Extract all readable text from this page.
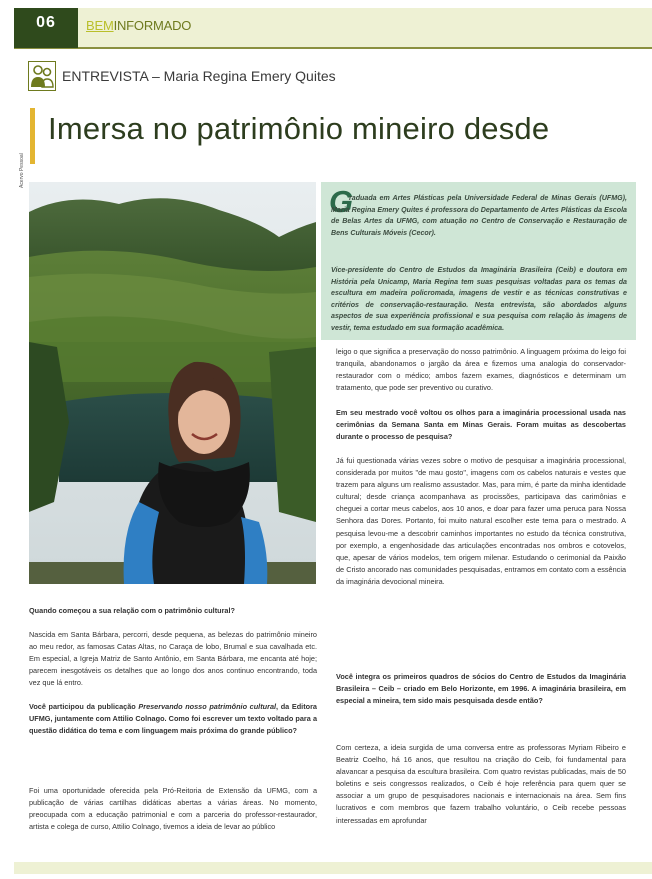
06	BEMINFORMADO
ENTREVISTA – Maria Regina Emery Quites
Imersa no patrimônio mineiro desde
Acervo Pessoal
G
raduada em Artes Plásticas pela Universidade Federal de Minas Gerais (UFMG), Maria Regina Emery Quites é professora do Departamento de Artes Plásticas da Escola de Belas Artes da UFMG, com atuação no Centro de Conservação e Restauração de Bens Culturais Móveis (Cecor).
Vice-presidente do Centro de Estudos da Imaginária Brasileira (Ceib) e doutora em História pela Unicamp, Maria Regina tem suas pesquisas voltadas para os temas da escultura em madeira policromada, imagens de vestir e as técnicas construtivas e critérios de conservação-restauração. Nesta entrevista, são abordados alguns aspectos de sua experiência profissional e sua pesquisa com relação às imagens de vestir, tema estudado em sua formação acadêmica.
Quando começou a sua relação com o patrimônio cultural?
Nascida em Santa Bárbara, percorri, desde pequena, as belezas do patrimônio mineiro ao meu redor, as famosas Catas Altas, no Caraça de lobo, Brumal e sua cavalhada etc. Em especial, a Igreja Matriz de Santo Antônio, em Santa Bárbara, me encanta até hoje; parecem inesgotáveis os detalhes que ao longo dos anos continuo encontrando, toda vez que lá entro.
Você participou da publicação Preservando nosso patrimônio cultural, da Editora UFMG, juntamente com Attilio Colnago. Como foi escrever um texto voltado para a questão didática do tema e com linguagem mais próxima do grande público?
Foi uma oportunidade oferecida pela Pró-Reitoria de Extensão da UFMG, com a publicação de várias cartilhas didáticas abertas a várias áreas. No momento, preocupada com a educação patrimonial e com a parceria do professor-restaurador, artista e colega de curso, Attilio Colnago, tivemos a ideia de levar ao público
leigo o que significa a preservação do nosso patrimônio. A linguagem próxima do leigo foi tranquila, abandonamos o jargão da área e fizemos uma analogia do conservador-restaurador com o médico; ambos fazem exames, diagnósticos e determinam um tratamento, que pode ser preventivo ou curativo.
Em seu mestrado você voltou os olhos para a imaginária processional usada nas cerimônias da Semana Santa em Minas Gerais. Foram muitas as descobertas durante o processo de pesquisa?
Já fui questionada várias vezes sobre o motivo de pesquisar a imaginária processional, considerada por muitos "de mau gosto", imagens com os cabelos naturais e vestes que trazem para alguns um realismo assustador. Mas, para mim, é parte da minha identidade cultural; desde criança acompanhava as procissões, participava das carimônias e cheguei a cortar meus cabelos, aos 10 anos, e doar para fazer uma peruca para Nossa Senhora das Dores. Portanto, foi muito natural escolher este tema para o mestrado. A pesquisa levou-me a descobrir caminhos importantes no estudo da técnica construtiva, por exemplo, a engenhosidade das articulações encontradas nos ombros e cotovelos, que, apesar de vários modelos, tem origem milenar. Estudando o cerimonial da Paixão de Cristo ancorado nas comunidades pesquisadas, entramos em contato com a essência da imaginária devocional mineira.
Você integra os primeiros quadros de sócios do Centro de Estudos da Imaginária Brasileira – Ceib – criado em Belo Horizonte, em 1996. A imaginária brasileira, em especial a mineira, tem sido mais pesquisada desde então?
Com certeza, a ideia surgida de uma conversa entre as professoras Myriam Ribeiro e Beatriz Coelho, há 16 anos, que resultou na criação do Ceib, foi fundamental para alavancar a pesquisa da escultura brasileira. Com quatro revistas publicadas, mais de 50 boletins e seis congressos realizados, o Ceib é hoje referência para quem quer se associar a um grupo de pesquisadores nacionais e internacionais na área. Sem fins lucrativos e com membros que fazem trabalho voluntário, o Ceib recebe pessoas interessadas em aprofundar
